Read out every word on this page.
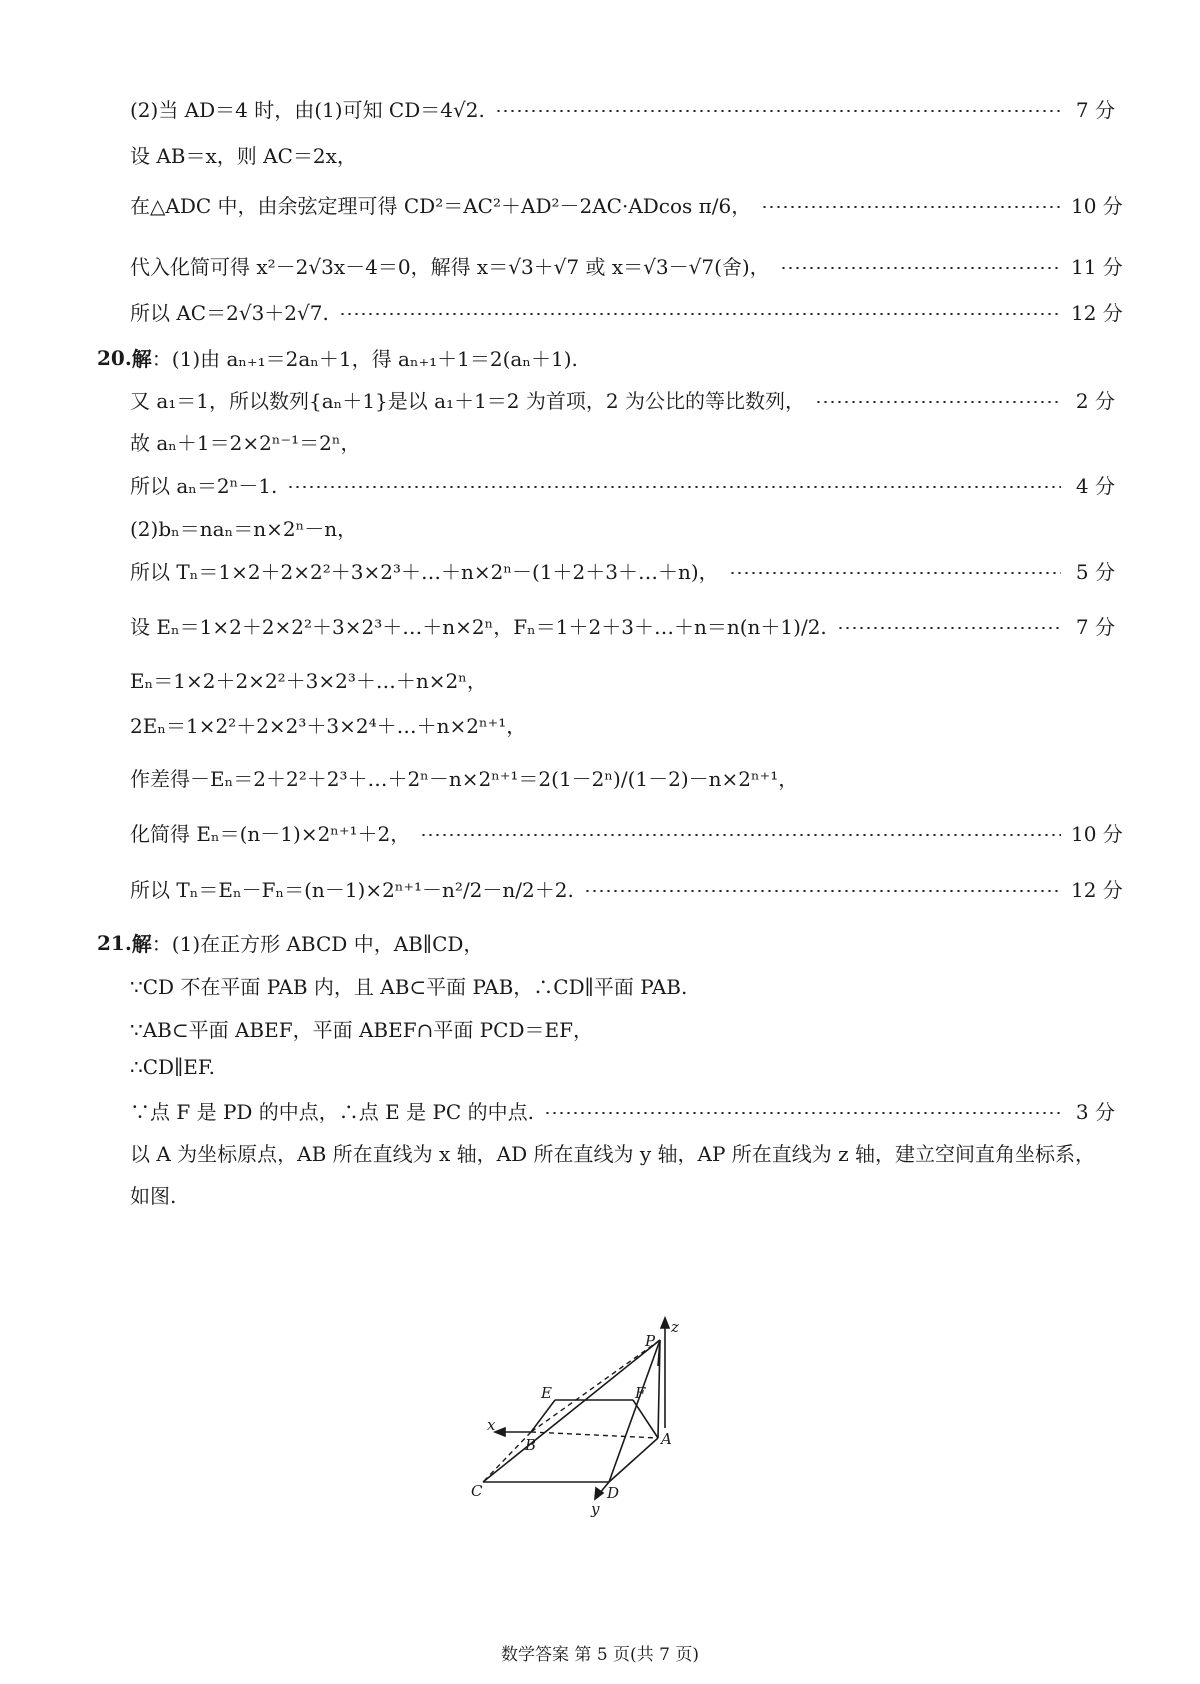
(2)当 AD＝4 时，由(1)可知 CD＝4√2.	7 分
设 AB＝x，则 AC＝2x，
在△ADC 中，由余弦定理可得 CD²＝AC²＋AD²－2AC·ADcos π/6，	10 分
代入化简可得 x²－2√3x－4＝0，解得 x＝√3＋√7 或 x＝√3－√7(舍)，	11 分
所以 AC＝2√3＋2√7.	12 分
20. 解 ：(1)由 aₙ₊₁＝2aₙ＋1，得 aₙ₊₁＋1＝2(aₙ＋1).
又 a₁＝1，所以数列{aₙ＋1}是以 a₁＋1＝2 为首项，2 为公比的等比数列，	2 分
故 aₙ＋1＝2×2ⁿ⁻¹＝2ⁿ，
所以 aₙ＝2ⁿ－1.	4 分
(2)bₙ＝naₙ＝n×2ⁿ－n，
所以 Tₙ＝1×2＋2×2²＋3×2³＋…＋n×2ⁿ－(1＋2＋3＋…＋n)，	5 分
设 Eₙ＝1×2＋2×2²＋3×2³＋…＋n×2ⁿ，Fₙ＝1＋2＋3＋…＋n＝n(n＋1)/2.	7 分
Eₙ＝1×2＋2×2²＋3×2³＋…＋n×2ⁿ，
2Eₙ＝1×2²＋2×2³＋3×2⁴＋…＋n×2ⁿ⁺¹，
作差得－Eₙ＝2＋2²＋2³＋…＋2ⁿ－n×2ⁿ⁺¹＝2(1－2ⁿ)/(1－2)－n×2ⁿ⁺¹，
化简得 Eₙ＝(n－1)×2ⁿ⁺¹＋2，	10 分
所以 Tₙ＝Eₙ－Fₙ＝(n－1)×2ⁿ⁺¹－n²/2－n/2＋2.	12 分
21. 解 ：(1)在正方形 ABCD 中，AB∥CD，
∵CD 不在平面 PAB 内，且 AB⊂平面 PAB，∴CD∥平面 PAB.
∵AB⊂平面 ABEF，平面 ABEF∩平面 PCD＝EF，
∴CD∥EF.
∵点 F 是 PD 的中点，∴点 E 是 PC 的中点.	3 分
以 A 为坐标原点，AB 所在直线为 x 轴，AD 所在直线为 y 轴，AP 所在直线为 z 轴，建立空间直角坐标系，
如图.
z
P
E	F
x
B	A
C	D
y
数学答案 第 5 页(共 7 页)
